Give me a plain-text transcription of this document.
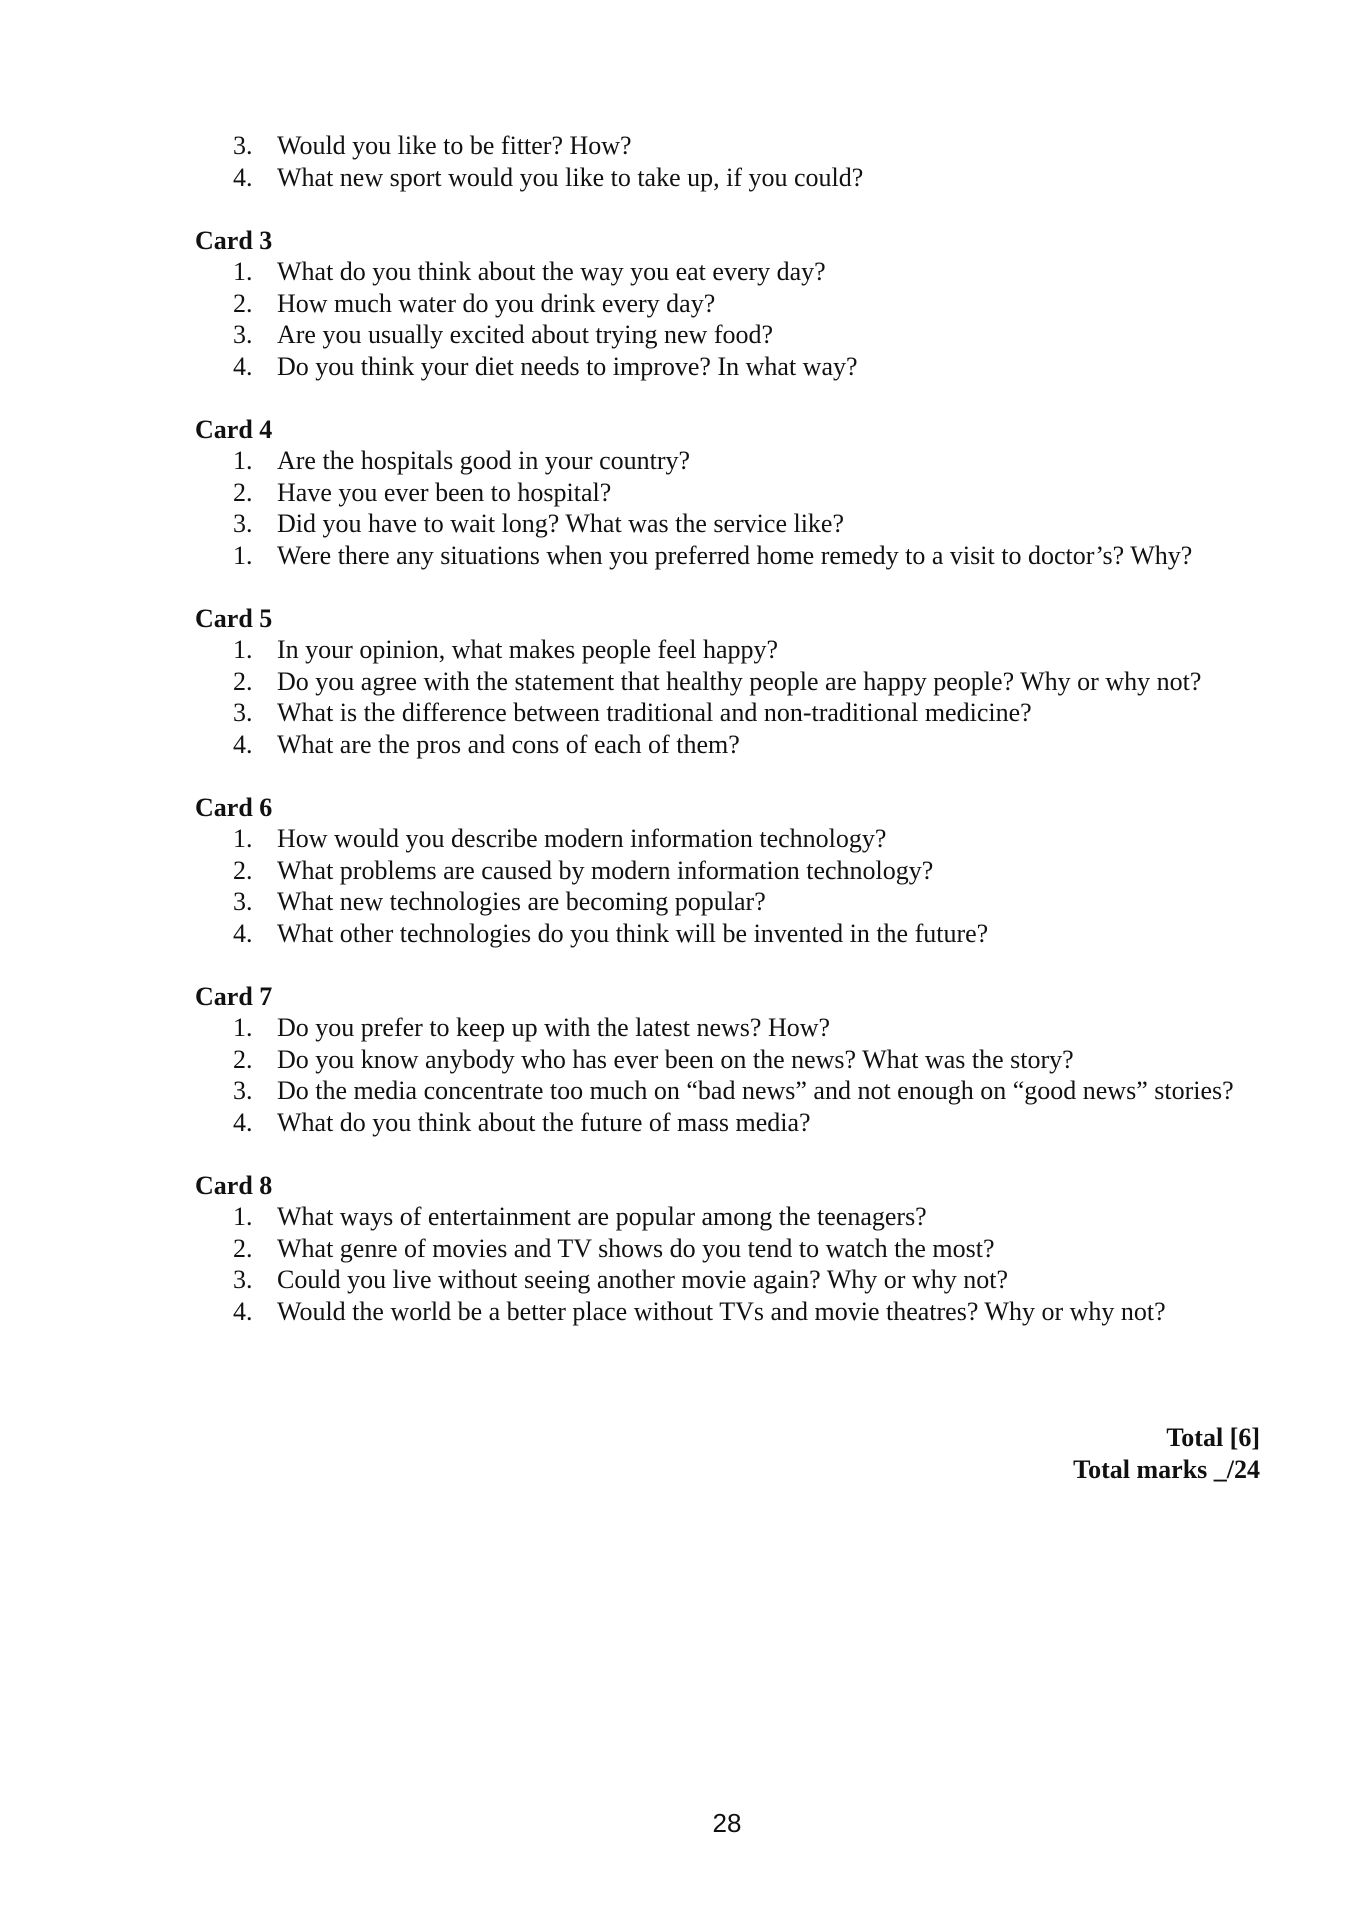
3. Would you like to be fitter? How?
4. What new sport would you like to take up, if you could?
Card 3
1. What do you think about the way you eat every day?
2. How much water do you drink every day?
3. Are you usually excited about trying new food?
4. Do you think your diet needs to improve? In what way?
Card 4
1. Are the hospitals good in your country?
2. Have you ever been to hospital?
3. Did you have to wait long? What was the service like?
1. Were there any situations when you preferred home remedy to a visit to doctor’s? Why?
Card 5
1. In your opinion, what makes people feel happy?
2. Do you agree with the statement that healthy people are happy people? Why or why not?
3. What is the difference between traditional and non-traditional medicine?
4. What are the pros and cons of each of them?
Card 6
1. How would you describe modern information technology?
2. What problems are caused by modern information technology?
3. What new technologies are becoming popular?
4. What other technologies do you think will be invented in the future?
Card 7
1. Do you prefer to keep up with the latest news? How?
2. Do you know anybody who has ever been on the news? What was the story?
3. Do the media concentrate too much on “bad news” and not enough on “good news” stories?
4. What do you think about the future of mass media?
Card 8
1. What ways of entertainment are popular among the teenagers?
2. What genre of movies and TV shows do you tend to watch the most?
3. Could you live without seeing another movie again? Why or why not?
4. Would the world be a better place without TVs and movie theatres? Why or why not?
Total [6]
Total marks _/24
28
